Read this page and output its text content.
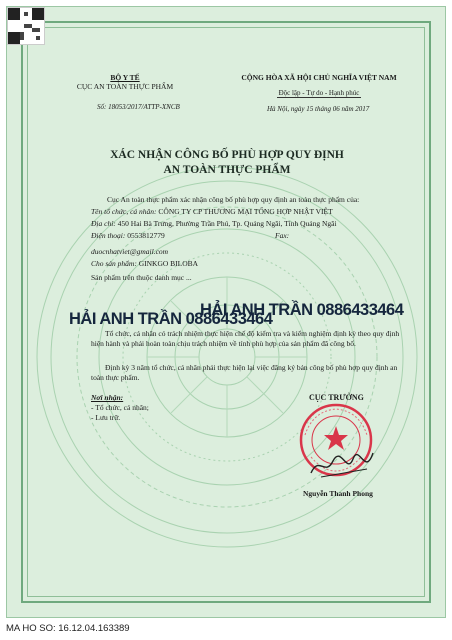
BỘ Y TẾ
CỤC AN TOÀN THỰC PHẨM
CỘNG HÒA XÃ HỘI CHỦ NGHĨA VIỆT NAM
Độc lập - Tự do - Hạnh phúc
Số: 18053/2017/ATTP-XNCB	Hà Nội, ngày 15 tháng 06 năm 2017
XÁC NHẬN CÔNG BỐ PHÙ HỢP QUY ĐỊNH
AN TOÀN THỰC PHẨM
Cục An toàn thực phẩm xác nhận công bố phù hợp quy định an toàn thực phẩm của:
Tên tổ chức, cá nhân: CÔNG TY CP THƯƠNG MẠI TỔNG HỢP NHẬT VIỆT
Địa chỉ: 450 Hai Bà Trưng, Phường Trần Phú, Tp. Quảng Ngãi, Tỉnh Quảng Ngãi
Điện thoại: 0553812779	Fax:
duocnhatviet@gmail.com
Cho sản phẩm: GINKGO BILOBA
Sản phẩm trên thuộc danh mục ...
HẢI ANH TRẦN 0886433464
HẢI ANH TRẦN 0886433464
Tổ chức, cá nhân có trách nhiệm thực hiện chế độ kiểm tra và kiểm nghiệm định kỳ theo quy định hiện hành và phải hoàn toàn chịu trách nhiệm về tính phù hợp của sản phẩm đã công bố.
Định kỳ 3 năm tổ chức, cá nhân phải thực hiện lại việc đăng ký bản công bố phù hợp quy định an toàn thực phẩm.
Nơi nhận:
- Tổ chức, cá nhân;
- Lưu trữ.
CỤC TRƯỞNG
Nguyễn Thanh Phong
MA HO SO: 16.12.04.163389
